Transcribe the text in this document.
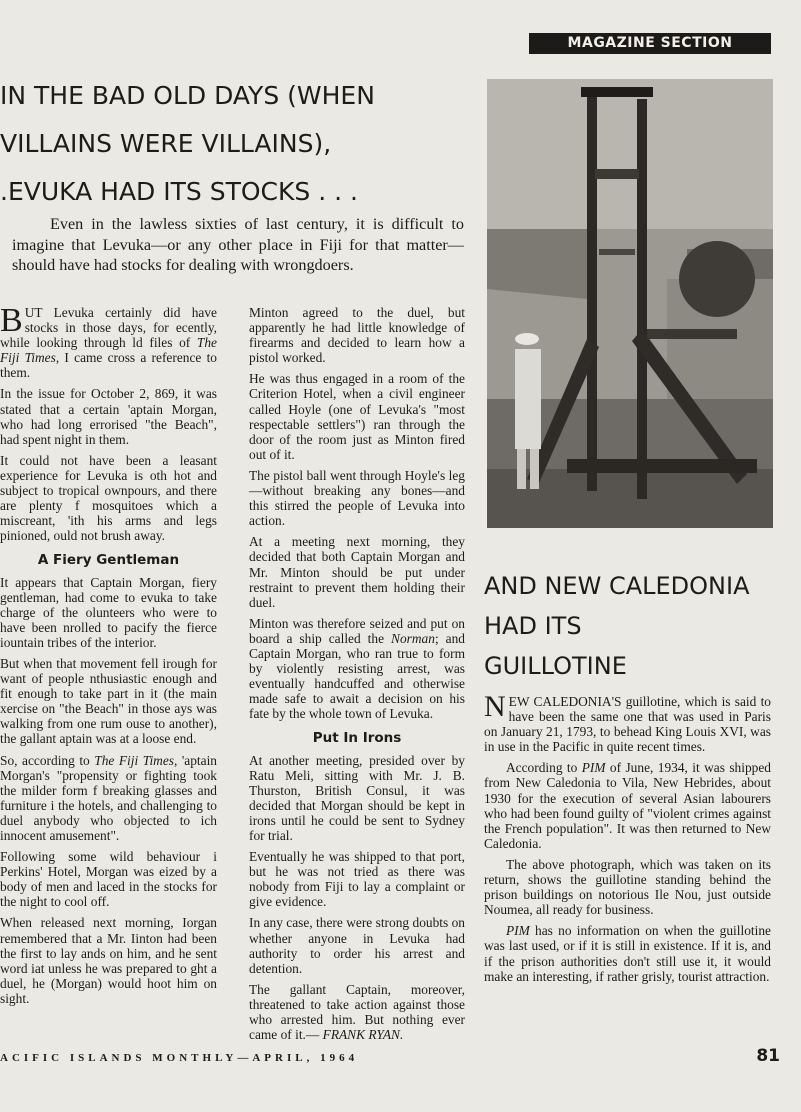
MAGAZINE SECTION
IN THE BAD OLD DAYS (WHEN
VILLAINS WERE VILLAINS),
.EVUKA HAD ITS STOCKS . . .

Even in the lawless sixties of last century, it is difficult to imagine that Levuka—or any other place in Fiji for that matter—should have had stocks for dealing with wrongdoers.

BUT Levuka certainly did have stocks in those days, for ecently, while looking through ld files of The Fiji Times, I came cross a reference to them.

In the issue for October 2, 869, it was stated that a certain 'aptain Morgan, who had long errorised "the Beach", had spent night in them.

It could not have been a leasant experience for Levuka is oth hot and subject to tropical ownpours, and there are plenty f mosquitoes which a miscreant, 'ith his arms and legs pinioned, ould not brush away.

A Fiery Gentleman

It appears that Captain Morgan, fiery gentleman, had come to evuka to take charge of the olunteers who were to have been nrolled to pacify the fierce iountain tribes of the interior.

But when that movement fell irough for want of people nthusiastic enough and fit enough to take part in it (the main xercise on "the Beach" in those ays was walking from one rum ouse to another), the gallant aptain was at a loose end.

So, according to The Fiji Times, 'aptain Morgan's "propensity or fighting took the milder form f breaking glasses and furniture i the hotels, and challenging to duel anybody who objected to ich innocent amusement".

Following some wild behaviour i Perkins' Hotel, Morgan was eized by a body of men and laced in the stocks for the night to cool off.

When released next morning, Iorgan remembered that a Mr. Iinton had been the first to lay ands on him, and he sent word iat unless he was prepared to ght a duel, he (Morgan) would hoot him on sight.

Minton agreed to the duel, but apparently he had little knowledge of firearms and decided to learn how a pistol worked.

He was thus engaged in a room of the Criterion Hotel, when a civil engineer called Hoyle (one of Levuka's "most respectable settlers") ran through the door of the room just as Minton fired out of it.

The pistol ball went through Hoyle's leg—without breaking any bones—and this stirred the people of Levuka into action.

At a meeting next morning, they decided that both Captain Morgan and Mr. Minton should be put under restraint to prevent them holding their duel.

Minton was therefore seized and put on board a ship called the Norman; and Captain Morgan, who ran true to form by violently resisting arrest, was eventually handcuffed and otherwise made safe to await a decision on his fate by the whole town of Levuka.

Put In Irons

At another meeting, presided over by Ratu Meli, sitting with Mr. J. B. Thurston, British Consul, it was decided that Morgan should be kept in irons until he could be sent to Sydney for trial.

Eventually he was shipped to that port, but he was not tried as there was nobody from Fiji to lay a complaint or give evidence.

In any case, there were strong doubts on whether anyone in Levuka had authority to order his arrest and detention.

The gallant Captain, moreover, threatened to take action against those who arrested him. But nothing ever came of it.— FRANK RYAN.

AND NEW CALEDONIA
HAD ITS
GUILLOTINE

NEW CALEDONIA'S guillotine, which is said to have been the same one that was used in Paris on January 21, 1793, to behead King Louis XVI, was in use in the Pacific in quite recent times.

According to PIM of June, 1934, it was shipped from New Caledonia to Vila, New Hebrides, about 1930 for the execution of several Asian labourers who had been found guilty of "violent crimes against the French population". It was then returned to New Caledonia.

The above photograph, which was taken on its return, shows the guillotine standing behind the prison buildings on notorious Ile Nou, just outside Noumea, all ready for business.

PIM has no information on when the guillotine was last used, or if it is still in existence. If it is, and if the prison authorities don't still use it, it would make an interesting, if rather grisly, tourist attraction.

ACIFIC ISLANDS MONTHLY—APRIL, 1964	81
